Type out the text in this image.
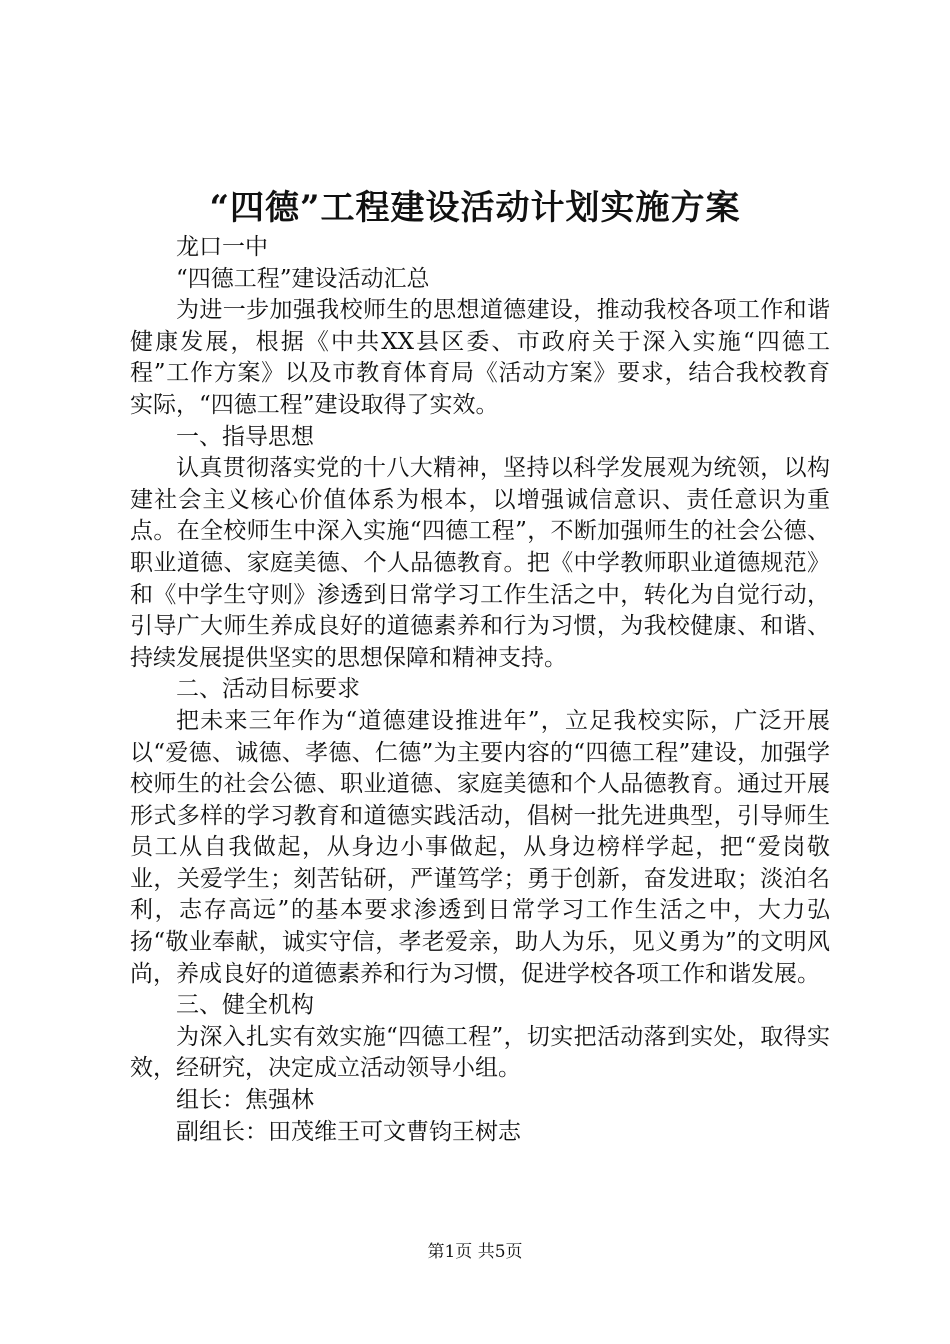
“四德”工程建设活动计划实施方案

龙口一中

“四德工程”建设活动汇总

为进一步加强我校师生的思想道德建设，推动我校各项工作和谐健康发展，根据《中共XX县区委、市政府关于深入实施“四德工程”工作方案》以及市教育体育局《活动方案》要求，结合我校教育实际，“四德工程”建设取得了实效。

一、指导思想

认真贯彻落实党的十八大精神，坚持以科学发展观为统领，以构建社会主义核心价值体系为根本，以增强诚信意识、责任意识为重点。在全校师生中深入实施“四德工程”，不断加强师生的社会公德、职业道德、家庭美德、个人品德教育。把《中学教师职业道德规范》和《中学生守则》渗透到日常学习工作生活之中，转化为自觉行动，引导广大师生养成良好的道德素养和行为习惯，为我校健康、和谐、持续发展提供坚实的思想保障和精神支持。

二、活动目标要求

把未来三年作为“道德建设推进年”，立足我校实际，广泛开展以“爱德、诚德、孝德、仁德”为主要内容的“四德工程”建设，加强学校师生的社会公德、职业道德、家庭美德和个人品德教育。通过开展形式多样的学习教育和道德实践活动，倡树一批先进典型，引导师生员工从自我做起，从身边小事做起，从身边榜样学起，把“爱岗敬业，关爱学生；刻苦钻研，严谨笃学；勇于创新，奋发进取；淡泊名利，志存高远”的基本要求渗透到日常学习工作生活之中，大力弘扬“敬业奉献，诚实守信，孝老爱亲，助人为乐，见义勇为”的文明风尚，养成良好的道德素养和行为习惯，促进学校各项工作和谐发展。

三、健全机构

为深入扎实有效实施“四德工程”，切实把活动落到实处，取得实效，经研究，决定成立活动领导小组。

组长：焦强林

副组长：田茂维王可文曹钧王树志

第1页 共5页
